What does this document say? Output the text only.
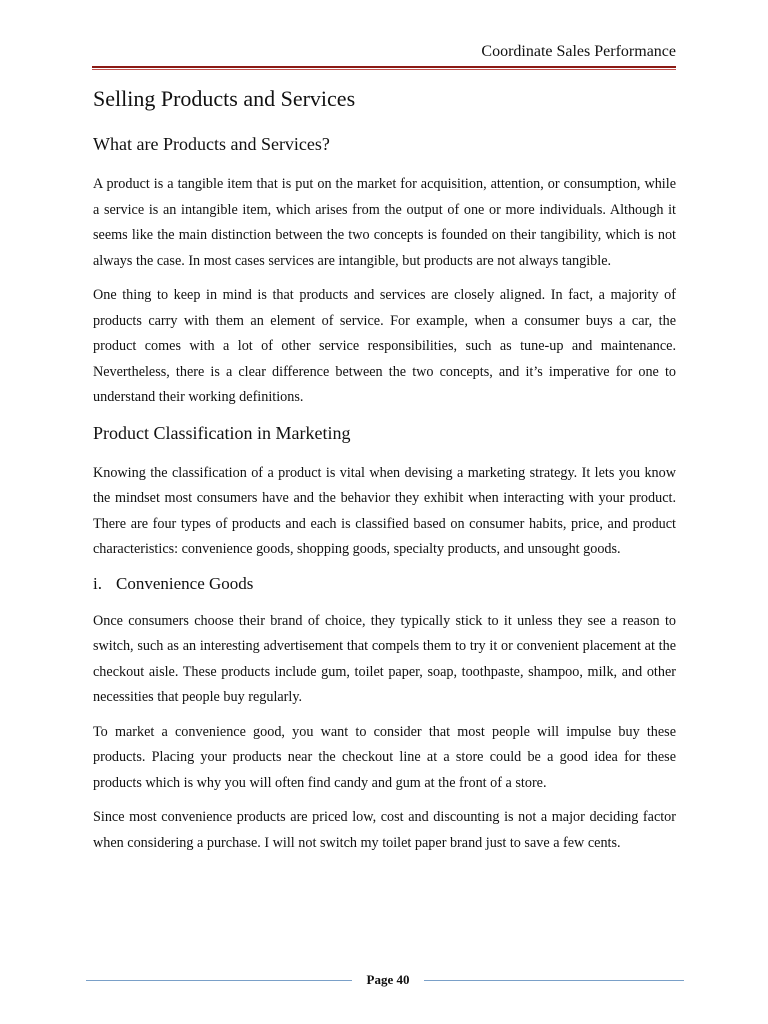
Coordinate Sales Performance
Selling Products and Services
What are Products and Services?

A product is a tangible item that is put on the market for acquisition, attention, or consumption, while a service is an intangible item, which arises from the output of one or more individuals. Although it seems like the main distinction between the two concepts is founded on their tangibility, which is not always the case. In most cases services are intangible, but products are not always tangible.

One thing to keep in mind is that products and services are closely aligned. In fact, a majority of products carry with them an element of service. For example, when a consumer buys a car, the product comes with a lot of other service responsibilities, such as tune-up and maintenance. Nevertheless, there is a clear difference between the two concepts, and it’s imperative for one to understand their working definitions.

Product Classification in Marketing

Knowing the classification of a product is vital when devising a marketing strategy. It lets you know the mindset most consumers have and the behavior they exhibit when interacting with your product. There are four types of products and each is classified based on consumer habits, price, and product characteristics: convenience goods, shopping goods, specialty products, and unsought goods.

i. Convenience Goods

Once consumers choose their brand of choice, they typically stick to it unless they see a reason to switch, such as an interesting advertisement that compels them to try it or convenient placement at the checkout aisle. These products include gum, toilet paper, soap, toothpaste, shampoo, milk, and other necessities that people buy regularly.

To market a convenience good, you want to consider that most people will impulse buy these products. Placing your products near the checkout line at a store could be a good idea for these products which is why you will often find candy and gum at the front of a store.

Since most convenience products are priced low, cost and discounting is not a major deciding factor when considering a purchase. I will not switch my toilet paper brand just to save a few cents.

Page 40
